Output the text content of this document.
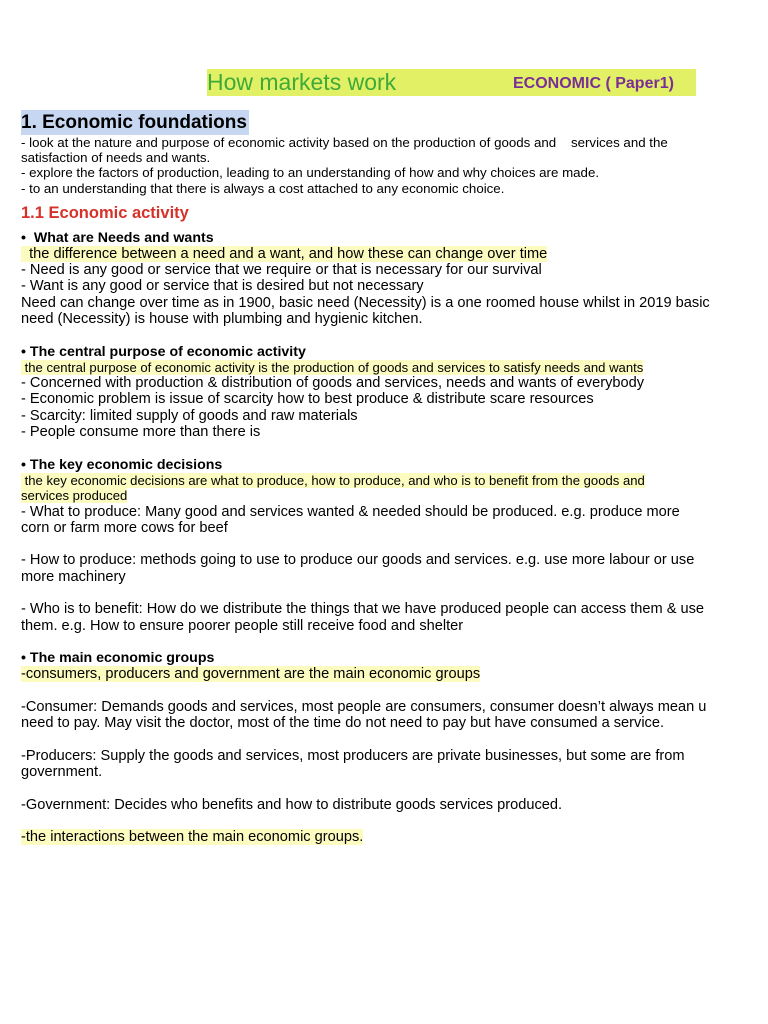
How markets work	ECONOMIC ( Paper1)
1. Economic foundations
- look at the nature and purpose of economic activity based on the production of goods and    services and the
satisfaction of needs and wants.
- explore the factors of production, leading to an understanding of how and why choices are made.
- to an understanding that there is always a cost attached to any economic choice.
1.1 Economic activity
•  What are Needs and wants
the difference between a need and a want, and how these can change over time
- Need is any good or service that we require or that is necessary for our survival
- Want is any good or service that is desired but not necessary
Need can change over time as in 1900, basic need (Necessity) is a one roomed house whilst in 2019 basic
need (Necessity) is house with plumbing and hygienic kitchen.
• The central purpose of economic activity
the central purpose of economic activity is the production of goods and services to satisfy needs and wants
- Concerned with production & distribution of goods and services, needs and wants of everybody
- Economic problem is issue of scarcity how to best produce & distribute scare resources
- Scarcity: limited supply of goods and raw materials
- People consume more than there is
• The key economic decisions
the key economic decisions are what to produce, how to produce, and who is to benefit from the goods and
services produced
- What to produce: Many good and services wanted & needed should be produced. e.g. produce more
corn or farm more cows for beef
- How to produce: methods going to use to produce our goods and services. e.g. use more labour or use
more machinery
- Who is to benefit: How do we distribute the things that we have produced people can access them & use
them. e.g. How to ensure poorer people still receive food and shelter
• The main economic groups
-consumers, producers and government are the main economic groups
-Consumer: Demands goods and services, most people are consumers, consumer doesn’t always mean u
need to pay. May visit the doctor, most of the time do not need to pay but have consumed a service.
-Producers: Supply the goods and services, most producers are private businesses, but some are from
government.
-Government: Decides who benefits and how to distribute goods services produced.
-the interactions between the main economic groups.
